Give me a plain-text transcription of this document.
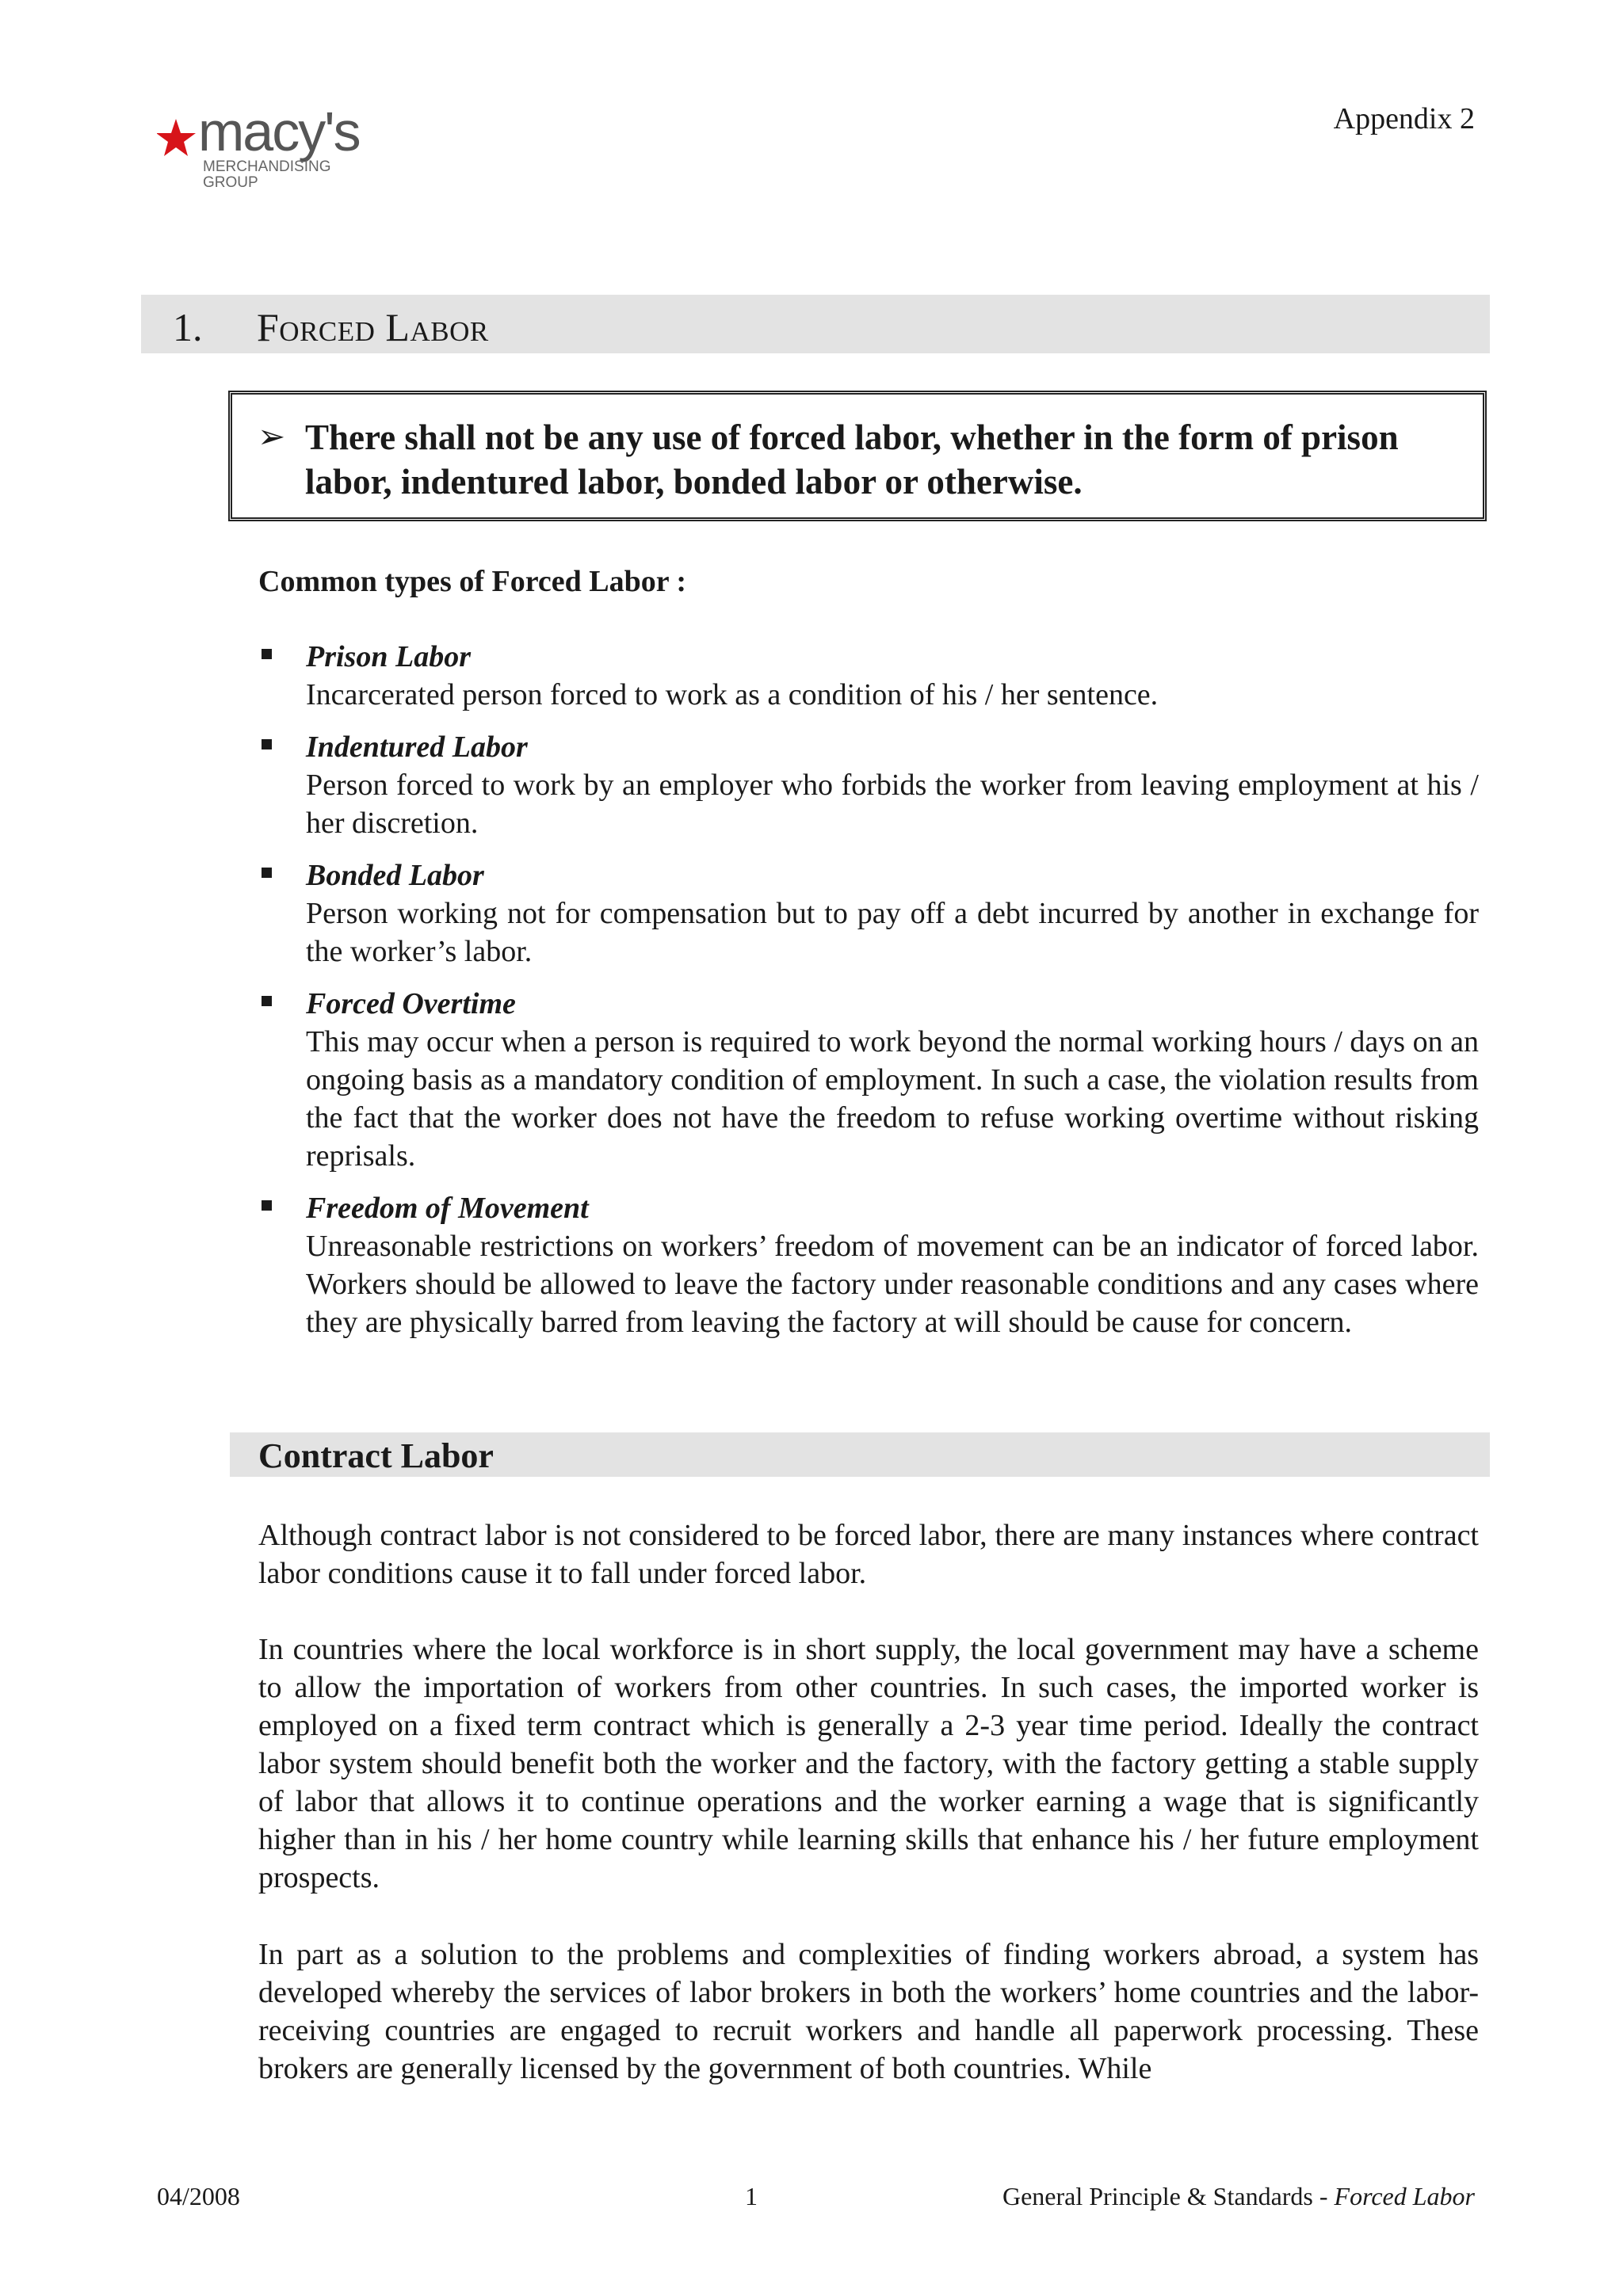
macy's
MERCHANDISING
GROUP
Appendix 2
1. Forced Labor
➢ There shall not be any use of forced labor, whether in the form of prison labor, indentured labor, bonded labor or otherwise.
Common types of Forced Labor :
Prison Labor
Incarcerated person forced to work as a condition of his / her sentence.
Indentured Labor
Person forced to work by an employer who forbids the worker from leaving employment at his / her discretion.
Bonded Labor
Person working not for compensation but to pay off a debt incurred by another in exchange for the worker’s labor.
Forced Overtime
This may occur when a person is required to work beyond the normal working hours / days on an ongoing basis as a mandatory condition of employment. In such a case, the violation results from the fact that the worker does not have the freedom to refuse working overtime without risking reprisals.
Freedom of Movement
Unreasonable restrictions on workers’ freedom of movement can be an indicator of forced labor. Workers should be allowed to leave the factory under reasonable conditions and any cases where they are physically barred from leaving the factory at will should be cause for concern.
Contract Labor

Although contract labor is not considered to be forced labor, there are many instances where contract labor conditions cause it to fall under forced labor.

In countries where the local workforce is in short supply, the local government may have a scheme to allow the importation of workers from other countries. In such cases, the imported worker is employed on a fixed term contract which is generally a 2-3 year time period. Ideally the contract labor system should benefit both the worker and the factory, with the factory getting a stable supply of labor that allows it to continue operations and the worker earning a wage that is significantly higher than in his / her home country while learning skills that enhance his / her future employment prospects.

In part as a solution to the problems and complexities of finding workers abroad, a system has developed whereby the services of labor brokers in both the workers’ home countries and the labor-receiving countries are engaged to recruit workers and handle all paperwork processing. These brokers are generally licensed by the government of both countries. While

04/2008	1	General Principle & Standards - Forced Labor
